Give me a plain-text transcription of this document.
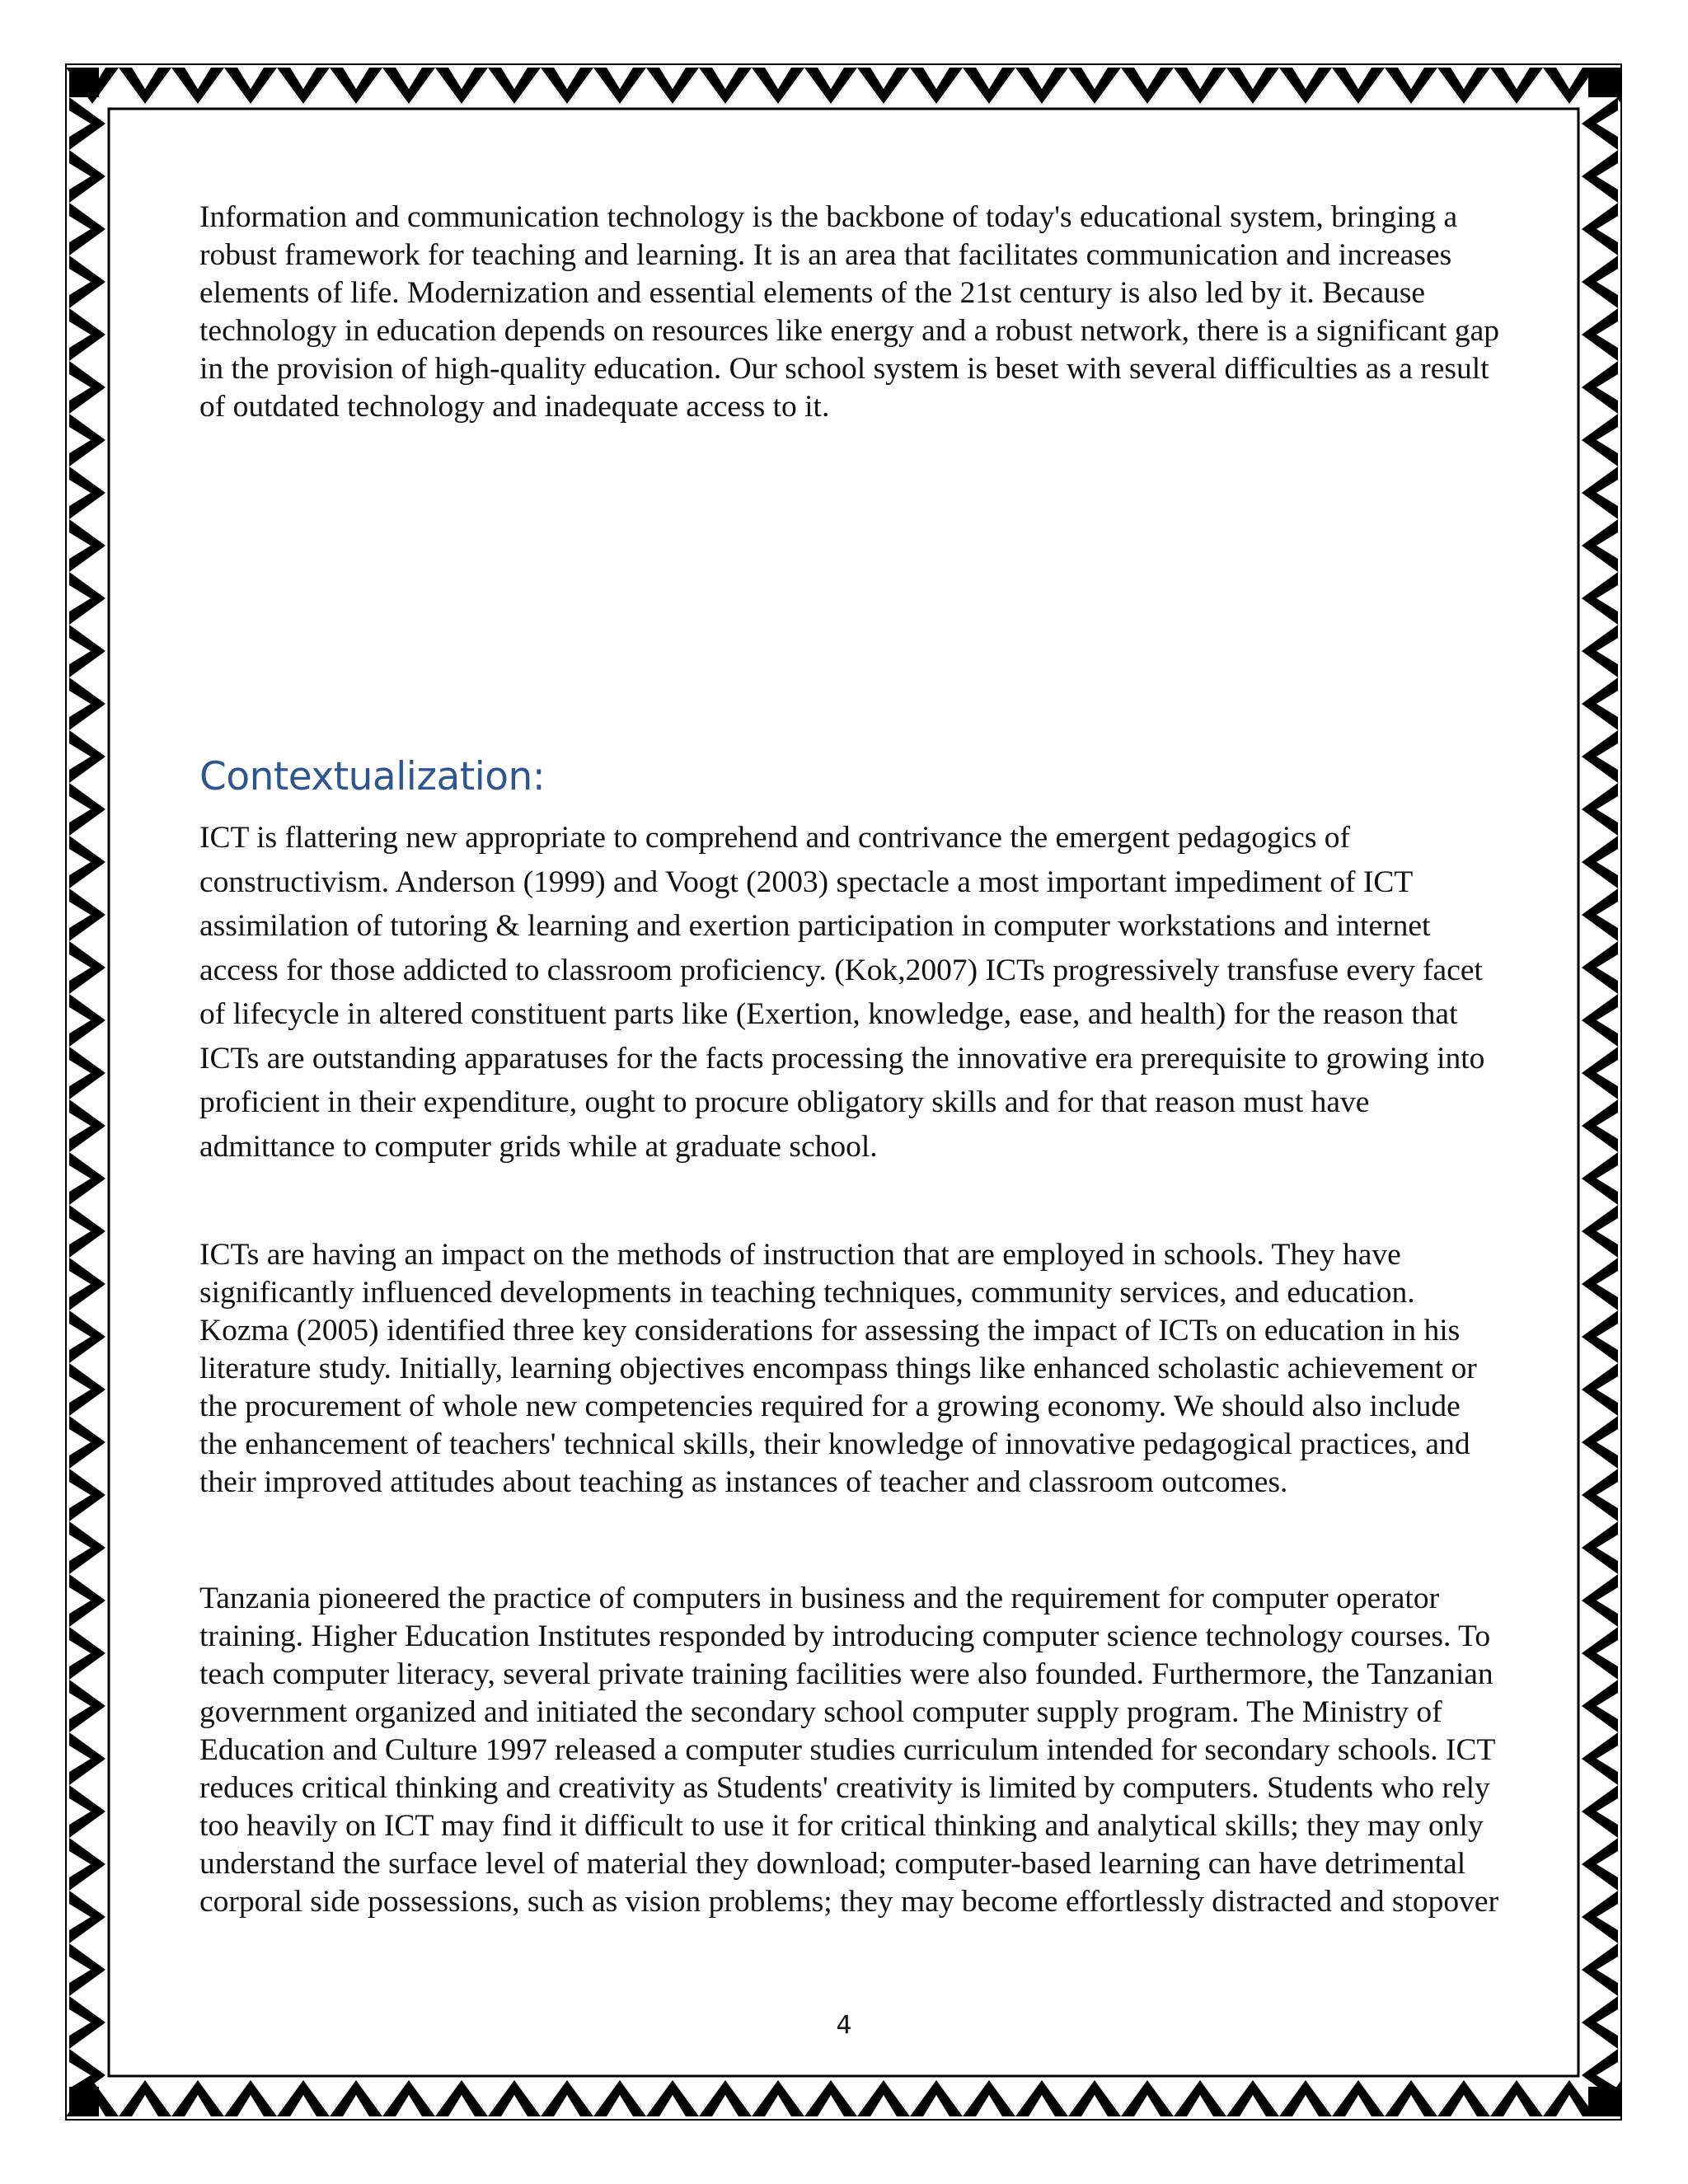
Information and communication technology is the backbone of today's educational system, bringing a robust framework for teaching and learning. It is an area that facilitates communication and increases elements of life. Modernization and essential elements of the 21st century is also led by it. Because technology in education depends on resources like energy and a robust network, there is a significant gap in the provision of high-quality education. Our school system is beset with several difficulties as a result of outdated technology and inadequate access to it.

Contextualization:

ICT is flattering new appropriate to comprehend and contrivance the emergent pedagogics of constructivism. Anderson (1999) and Voogt (2003) spectacle a most important impediment of ICT assimilation of tutoring & learning and exertion participation in computer workstations and internet access for those addicted to classroom proficiency. (Kok,2007) ICTs progressively transfuse every facet of lifecycle in altered constituent parts like (Exertion, knowledge, ease, and health) for the reason that ICTs are outstanding apparatuses for the facts processing the innovative era prerequisite to growing into proficient in their expenditure, ought to procure obligatory skills and for that reason must have admittance to computer grids while at graduate school.

ICTs are having an impact on the methods of instruction that are employed in schools. They have significantly influenced developments in teaching techniques, community services, and education. Kozma (2005) identified three key considerations for assessing the impact of ICTs on education in his literature study. Initially, learning objectives encompass things like enhanced scholastic achievement or the procurement of whole new competencies required for a growing economy. We should also include the enhancement of teachers' technical skills, their knowledge of innovative pedagogical practices, and their improved attitudes about teaching as instances of teacher and classroom outcomes.

Tanzania pioneered the practice of computers in business and the requirement for computer operator training. Higher Education Institutes responded by introducing computer science technology courses. To teach computer literacy, several private training facilities were also founded. Furthermore, the Tanzanian government organized and initiated the secondary school computer supply program. The Ministry of Education and Culture 1997 released a computer studies curriculum intended for secondary schools. ICT reduces critical thinking and creativity as Students' creativity is limited by computers. Students who rely too heavily on ICT may find it difficult to use it for critical thinking and analytical skills; they may only understand the surface level of material they download; computer-based learning can have detrimental corporal side possessions, such as vision problems; they may become effortlessly distracted and stopover

4
